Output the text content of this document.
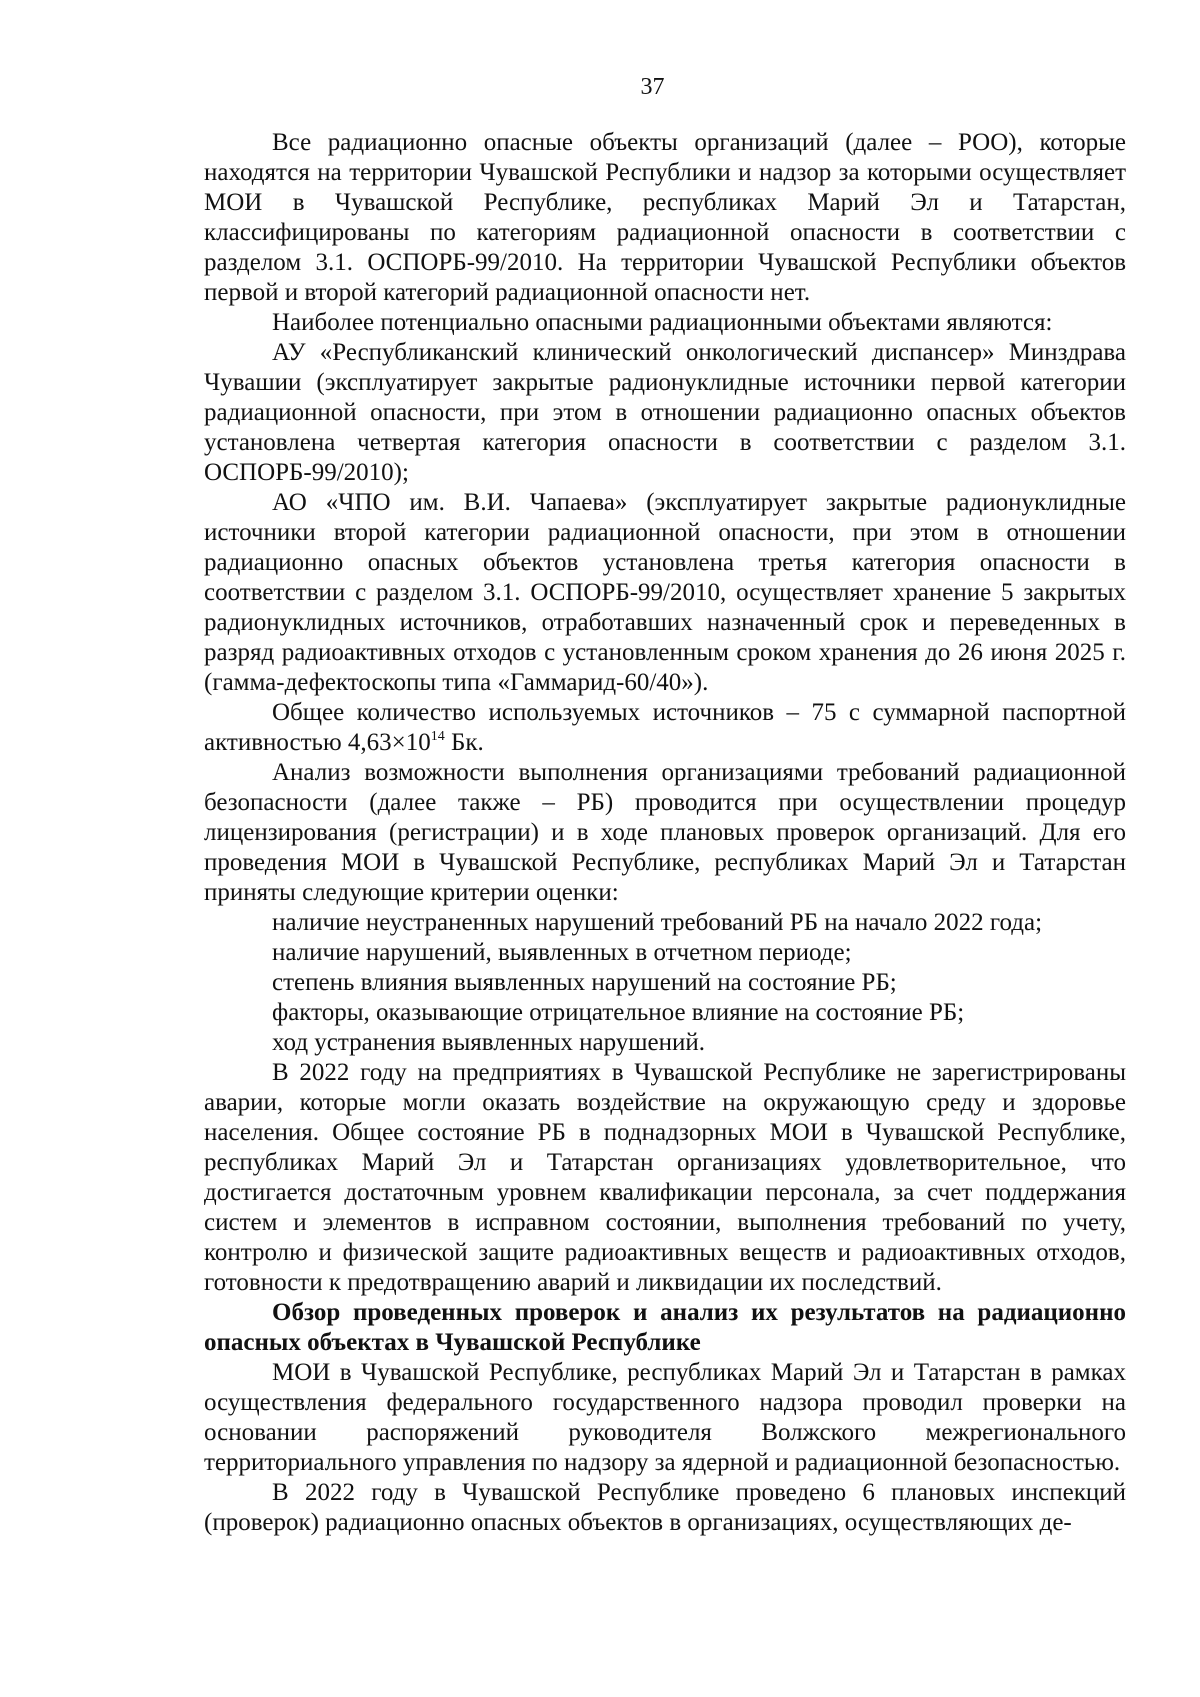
37

Все радиационно опасные объекты организаций (далее – РОО), которые находятся на территории Чувашской Республики и надзор за которыми осуществляет МОИ в Чувашской Республике, республиках Марий Эл и Татарстан, классифицированы по категориям радиационной опасности в соответствии с разделом 3.1. ОСПОРБ-99/2010. На территории Чувашской Республики объектов первой и второй категорий радиационной опасности нет.

Наиболее потенциально опасными радиационными объектами являются:

АУ «Республиканский клинический онкологический диспансер» Минздрава Чувашии (эксплуатирует закрытые радионуклидные источники первой категории радиационной опасности, при этом в отношении радиационно опасных объектов установлена четвертая категория опасности в соответствии с разделом 3.1. ОСПОРБ-99/2010);

АО «ЧПО им. В.И. Чапаева» (эксплуатирует закрытые радионуклидные источники второй категории радиационной опасности, при этом в отношении радиационно опасных объектов установлена третья категория опасности в соответствии с разделом 3.1. ОСПОРБ-99/2010, осуществляет хранение 5 закрытых радионуклидных источников, отработавших назначенный срок и переведенных в разряд радиоактивных отходов с установленным сроком хранения до 26 июня 2025 г. (гамма-дефектоскопы типа «Гаммарид-60/40»).

Общее количество используемых источников – 75 с суммарной паспортной активностью $4,63\times 10^{14}$ Бк.

Анализ возможности выполнения организациями требований радиационной безопасности (далее также – РБ) проводится при осуществлении процедур лицензирования (регистрации) и в ходе плановых проверок организаций. Для его проведения МОИ в Чувашской Республике, республиках Марий Эл и Татарстан приняты следующие критерии оценки:

наличие неустраненных нарушений требований РБ на начало 2022 года;

наличие нарушений, выявленных в отчетном периоде;

степень влияния выявленных нарушений на состояние РБ;

факторы, оказывающие отрицательное влияние на состояние РБ;

ход устранения выявленных нарушений.

В 2022 году на предприятиях в Чувашской Республике не зарегистрированы аварии, которые могли оказать воздействие на окружающую среду и здоровье населения. Общее состояние РБ в поднадзорных МОИ в Чувашской Республике, республиках Марий Эл и Татарстан организациях удовлетворительное, что достигается достаточным уровнем квалификации персонала, за счет поддержания систем и элементов в исправном состоянии, выполнения требований по учету, контролю и физической защите радиоактивных веществ и радиоактивных отходов, готовности к предотвращению аварий и ликвидации их последствий.

Обзор проведенных проверок и анализ их результатов на радиационно опасных объектах в Чувашской Республике

МОИ в Чувашской Республике, республиках Марий Эл и Татарстан в рамках осуществления федерального государственного надзора проводил проверки на основании распоряжений руководителя Волжского межрегионального территориального управления по надзору за ядерной и радиационной безопасностью.

В 2022 году в Чувашской Республике проведено 6 плановых инспекций (проверок) радиационно опасных объектов в организациях, осуществляющих де-
